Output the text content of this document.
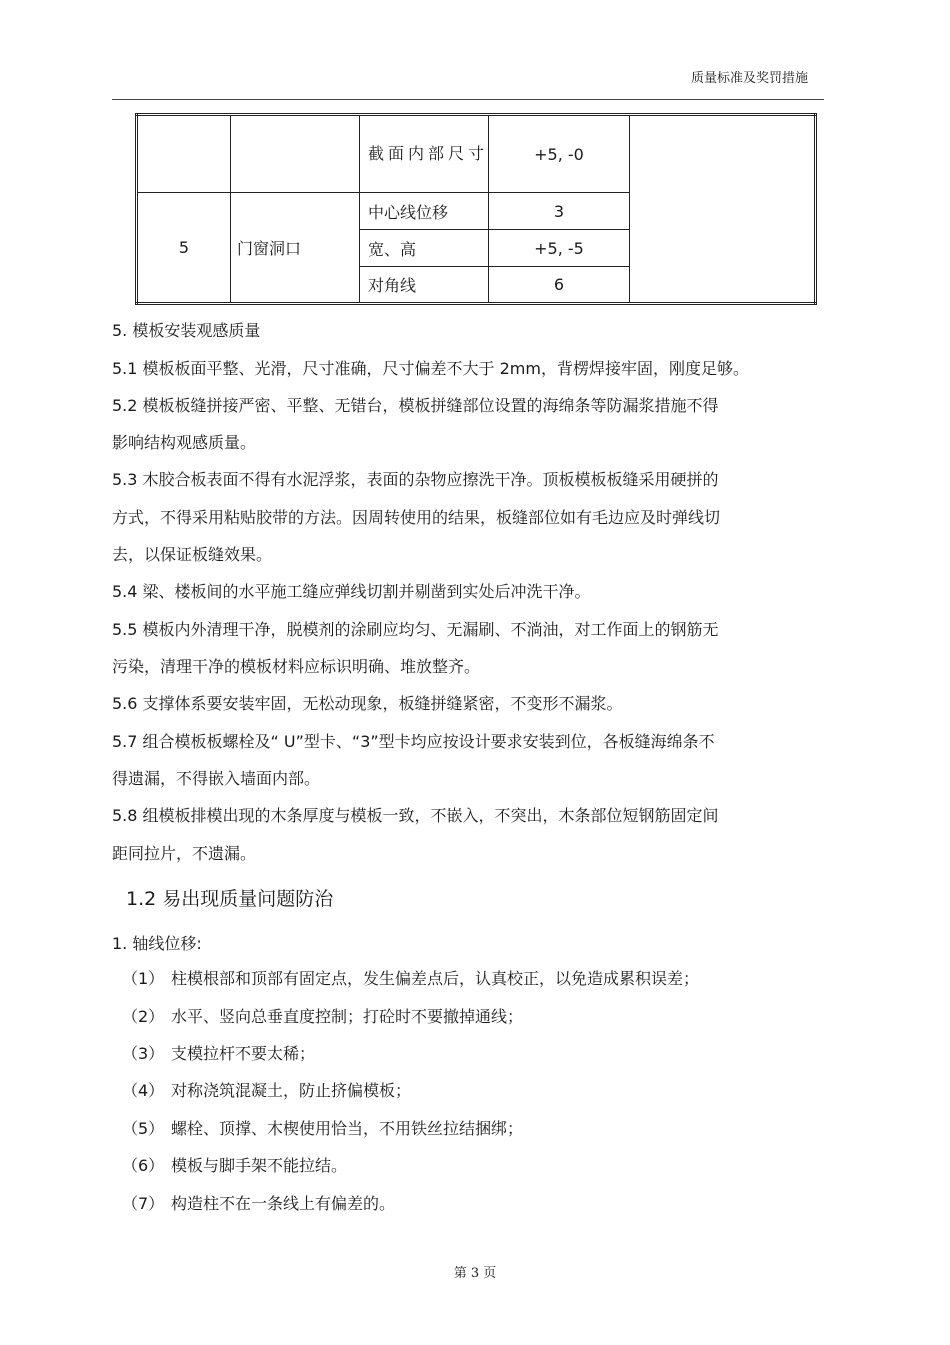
质量标准及奖罚措施
		截面内部尺寸	+5, -0	
5	门窗洞口	中心线位移	3	
		宽、高	+5, -5	
		对角线	6	
5. 模板安装观感质量
5.1 模板板面平整、光滑，尺寸准确，尺寸偏差不大于 2mm，背楞焊接牢固，刚度足够。
5.2 模板板缝拼接严密、平整、无错台，模板拼缝部位设置的海绵条等防漏浆措施不得
影响结构观感质量。
5.3 木胶合板表面不得有水泥浮浆，表面的杂物应擦洗干净。顶板模板板缝采用硬拼的
方式，不得采用粘贴胶带的方法。因周转使用的结果，板缝部位如有毛边应及时弹线切
去，以保证板缝效果。
5.4 梁、楼板间的水平施工缝应弹线切割并剔凿到实处后冲洗干净。
5.5 模板内外清理干净，脱模剂的涂刷应均匀、无漏刷、不淌油，对工作面上的钢筋无
污染，清理干净的模板材料应标识明确、堆放整齐。
5.6 支撑体系要安装牢固，无松动现象，板缝拼缝紧密，不变形不漏浆。
5.7 组合模板板螺栓及“ U”型卡、“3”型卡均应按设计要求安装到位，各板缝海绵条不
得遗漏，不得嵌入墙面内部。
5.8 组模板排模出现的木条厚度与模板一致，不嵌入，不突出，木条部位短钢筋固定间
距同拉片，不遗漏。
1.2 易出现质量问题防治
1. 轴线位移:
（1） 柱模根部和顶部有固定点，发生偏差点后，认真校正，以免造成累积误差；
（2） 水平、竖向总垂直度控制；打砼时不要撤掉通线；
（3） 支模拉杆不要太稀；
（4） 对称浇筑混凝土，防止挤偏模板；
（5） 螺栓、顶撑、木楔使用恰当，不用铁丝拉结捆绑；
（6） 模板与脚手架不能拉结。
（7） 构造柱不在一条线上有偏差的。
第 3 页
